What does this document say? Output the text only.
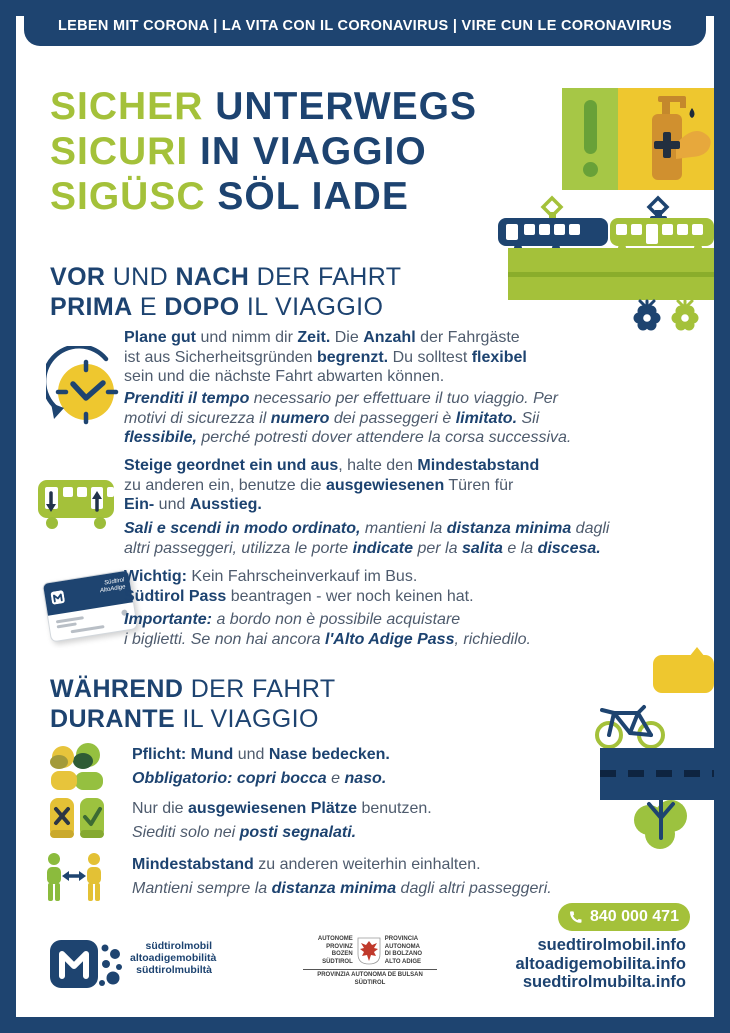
LEBEN MIT CORONA | LA VITA CON IL CORONAVIRUS | VIRE CUN LE CORONAVIRUS
SICHER UNTERWEGS
SICURI IN VIAGGIO
SIGÜSC SÖL IADE
VOR UND NACH DER FAHRT
PRIMA E DOPO IL VIAGGIO

Plane gut und nimm dir Zeit. Die Anzahl der Fahrgäste
ist aus Sicherheitsgründen begrenzt. Du solltest flexibel
sein und die nächste Fahrt abwarten können.

Prenditi il tempo necessario per effettuare il tuo viaggio. Per
motivi di sicurezza il numero dei passeggeri è limitato. Sii
flessibile, perché potresti dover attendere la corsa successiva.

Steige geordnet ein und aus, halte den Mindestabstand
zu anderen ein, benutze die ausgewiesenen Türen für
Ein- und Ausstieg.

Sali e scendi in modo ordinato, mantieni la distanza minima dagli
altri passeggeri, utilizza le porte indicate per la salita e la discesa.

Südtirol
AltoAdige

Wichtig: Kein Fahrscheinverkauf im Bus.
Südtirol Pass beantragen - wer noch keinen hat.

Importante: a bordo non è possibile acquistare
i biglietti. Se non hai ancora l'Alto Adige Pass, richiedilo.

WÄHREND DER FAHRT
DURANTE IL VIAGGIO

Pflicht: Mund und Nase bedecken.

Obbligatorio: copri bocca e naso.

Nur die ausgewiesenen Plätze benutzen.

Siediti solo nei posti segnalati.

Mindestabstand zu anderen weiterhin einhalten.

Mantieni sempre la distanza minima dagli altri passeggeri.

840 000 471
südtirolmobil
altoadigemobilità
südtirolmubiltà
AUTONOME
PROVINZ
BOZEN
SÜDTIROL
PROVINCIA
AUTONOMA
DI BOLZANO
ALTO ADIGE
PROVINZIA AUTONOMA DE BULSAN
SÜDTIROL
suedtirolmobil.info
altoadigemobilita.info
suedtirolmubilta.info
